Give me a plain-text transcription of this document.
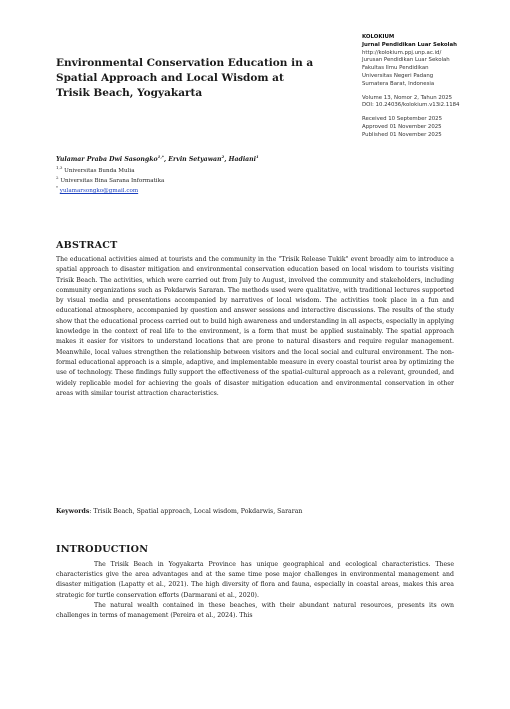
Environmental Conservation Education in a
Spatial Approach and Local Wisdom at
Trisik Beach, Yogyakarta
KOLOKIUM
Jurnal Pendidikan Luar Sekolah
http://kolokium.ppj.unp.ac.id/
Jurusan Pendidikan Luar Sekolah
Fakultas Ilmu Pendidikan
Universitas Negeri Padang
Sumatera Barat, Indonesia
Volume 13, Nomor 2, Tahun 2025
DOI: 10.24036/kolokium.v13i2.1184
Received 10 September 2025
Approved 01 November 2025
Published 01 November 2025
Yulamar Praba Dwi Sasongko$^{1,*}$, Ervin Setyawan$^2$, Hadiani$^1$
$^{1,3}$ Universitas Bunda Mulia
$^2$ Universitas Bina Sarana Informatika
* yulamarsongko@gmail.com
ABSTRACT

The educational activities aimed at tourists and the community in the "Trisik Release Tukik" event broadly aim to introduce a spatial approach to disaster mitigation and environmental conservation education based on local wisdom to tourists visiting Trisik Beach. The activities, which were carried out from July to August, involved the community and stakeholders, including community organizations such as Pokdarwis Sararan. The methods used were qualitative, with traditional lectures supported by visual media and presentations accompanied by narratives of local wisdom. The activities took place in a fun and educational atmosphere, accompanied by question and answer sessions and interactive discussions. The results of the study show that the educational process carried out to build high awareness and understanding in all aspects, especially in applying knowledge in the context of real life to the environment, is a form that must be applied sustainably. The spatial approach makes it easier for visitors to understand locations that are prone to natural disasters and require regular management. Meanwhile, local values strengthen the relationship between visitors and the local social and cultural environment. The non-formal educational approach is a simple, adaptive, and implementable measure in every coastal tourist area by optimizing the use of technology. These findings fully support the effectiveness of the spatial-cultural approach as a relevant, grounded, and widely replicable model for achieving the goals of disaster mitigation education and environmental conservation in other areas with similar tourist attraction characteristics.

Keywords: Trisik Beach, Spatial approach, Local wisdom, Pokdarwis, Sararan
INTRODUCTION

The Trisik Beach in Yogyakarta Province has unique geographical and ecological characteristics. These characteristics give the area advantages and at the same time pose major challenges in environmental management and disaster mitigation (Lapatty et al., 2021). The high diversity of flora and fauna, especially in coastal areas, makes this area strategic for turtle conservation efforts (Darmarani et al., 2020).

The natural wealth contained in these beaches, with their abundant natural resources, presents its own challenges in terms of management (Pereira et al., 2024). This
